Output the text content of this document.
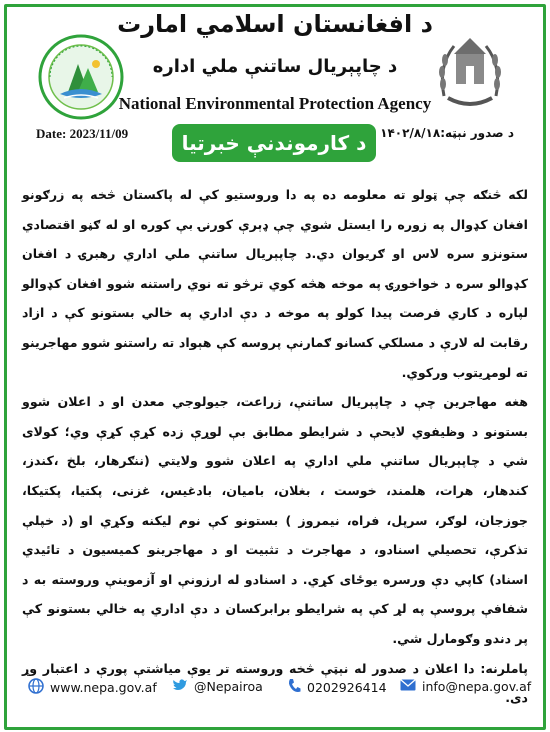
د افغانستان اسلامي امارت
د چاپېریال ساتنې ملي اداره
National Environmental Protection Agency
Date: 2023/11/09	د صدور نېټه:۱۴۰۲/۸/۱۸
د کارموندنې خبرتیا

لکه څنګه چې ټولو ته معلومه ده په دا وروستیو کې له پاکستان څخه په زرګونو افغان کډوال په زوره را ایستل شوي چې ډېرې کورنۍ بې کوره او له ګڼو اقتصادي ستونزو سره لاس او ګریوان دي.د چاپېریال ساتنې ملي اداري رهبرۍ د افغان کډوالو سره د خواخوږۍ په موخه هڅه کوي ترڅو ته نوي راستنه شوو افغان کډوالو لپاره د کاري فرصت پیدا کولو په موخه د دې اداري په خالي بستونو کې د ازاد رقابت له لارې د مسلکي کسانو ګمارنې پروسه کې هېواد ته راستنو شوو مهاجرینو ته لومړیتوب ورکوي.

هغه مهاجرین چې د چاپېریال ساتنې، زراعت، جیولوجي معدن او د اعلان شوو بستونو د وظیفوي لایحې د شرایطو مطابق بې لوړې زده کړې کړې وي؛ کولای شي د چاپېریال ساتنې ملي اداري په اعلان شوو ولایتي (ننګرهار، بلخ ،کندز، کندهار، هرات، هلمند، خوست ، بغلان، بامیان، بادغیس، غزنی، پکتیا، پکتیکا، جوزجان، لوګر، سرپل، فراه، نیمروز ) بستونو کې نوم لیکنه وکړي او (د خپلې تذکرې، تحصیلي اسنادو، د مهاجرت د تثبیت او د مهاجرینو کمیسیون د تائیدي اسناد) کاپي دې ورسره یوځای کړي. د اسنادو له ارزونې او آزموینې وروسته به د شفافې پروسې په لړ کې په شرایطو برابرکسان د دې اداري په خالي بستونو کې پر دندو وګومارل شي.

پاملرنه: دا اعلان د صدور له نېټې څخه وروسته تر یوې میاشتې پورې د اعتبار وړ دی.

www.nepa.gov.af	@Nepairoa	0202926414	info@nepa.gov.af
